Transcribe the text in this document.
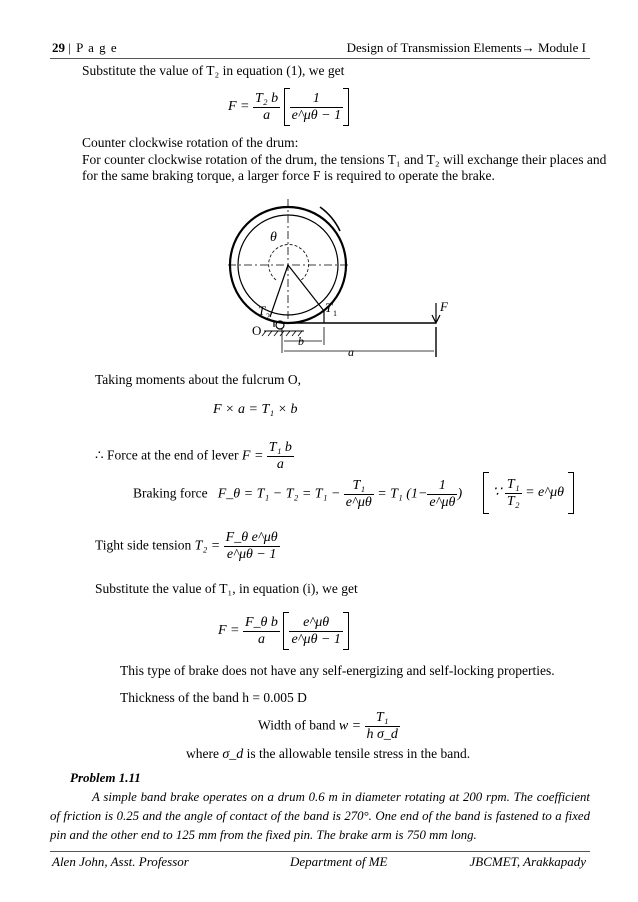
29 | P a g e	Design of Transmission Elements→ Module I
Substitute the value of T₂ in equation (1), we get
$F = \frac{\text{T₂ b}}{a}$
$\frac{1}{e\^{}\mu\theta - 1}$
Counter clockwise rotation of the drum:
For counter clockwise rotation of the drum, the tensions T₁ and T₂ will exchange their places and
for the same braking torque, a larger force F is required to operate the brake.
θ
T 2
T 1	F
O
b
a
Taking moments about the fulcrum O,
F × a = T₁ × b
∴ Force at the end of lever $F = \frac{\text{T₁ b}}{a}$
Braking force F_θ = $T_1 - T_2 = T_1 - \frac{\text{T₁}}{e\^{}\mu\theta} = T_1$ ($1- \frac{1}{e\^{}\mu\theta}$ )	∵ $\frac{\text{T₁}}{\text{T₂}}$ = e^μθ
Tight side tension $T_2 = \frac{\text{F\_θ e\textasciicircum{}μθ}}{e\^{}\mu\theta - 1}$
Substitute the value of T₁, in equation (i), we get
$F = \frac{\text{F\_θ b}}{a}$
$\frac{e\^{}\mu\theta}{e\^{}\mu\theta - 1}$
This type of brake does not have any self-energizing and self-locking properties.
Thickness of the band h = 0.005 D
Width of band $w = \frac{\text{T₁}}{\text{h σ\_d}}$
where σ_d is the allowable tensile stress in the band.
Problem 1.11
A simple band brake operates on a drum 0.6 m in diameter rotating at 200 rpm. The coefficient of friction is 0.25 and the angle of contact of the band is 270°. One end of the band is fastened to a fixed pin and the other end to 125 mm from the fixed pin. The brake arm is 750 mm long.
Alen John, Asst. Professor	Department of ME	JBCMET, Arakkapady
